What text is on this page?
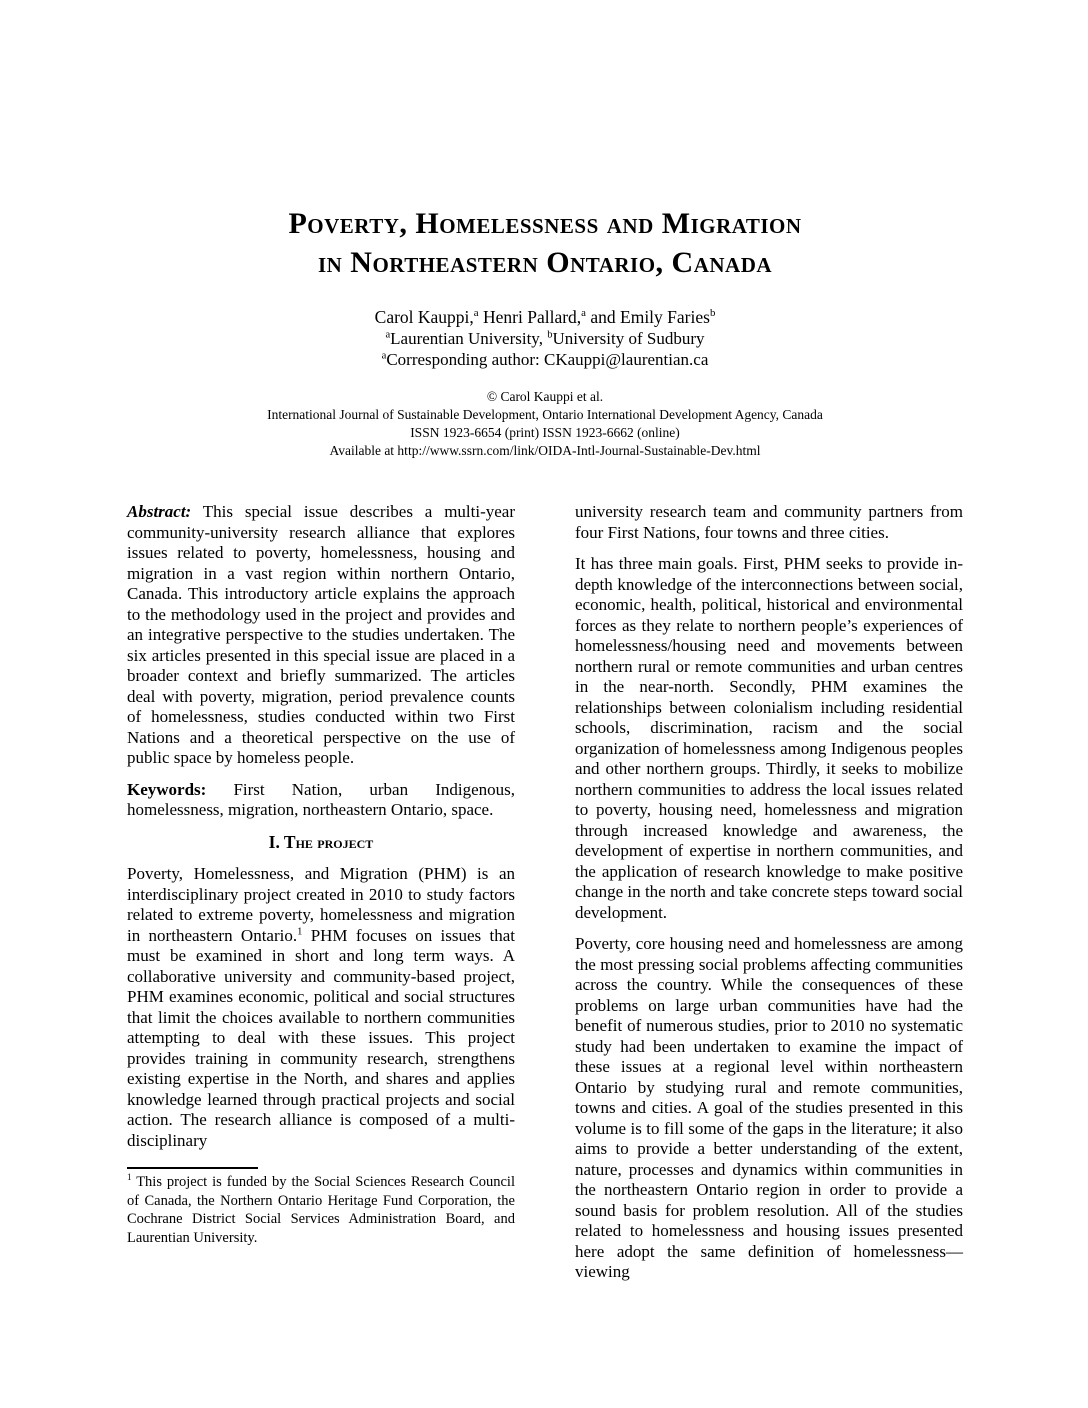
Poverty, Homelessness and Migration
in Northeastern Ontario, Canada
Carol Kauppi,$^a$ Henri Pallard,$^a$ and Emily Faries$^b$
$^a$Laurentian University, $^b$University of Sudbury
$^a$Corresponding author: CKauppi@laurentian.ca
© Carol Kauppi et al.
International Journal of Sustainable Development, Ontario International Development Agency, Canada
ISSN 1923-6654 (print) ISSN 1923-6662 (online)
Available at http://www.ssrn.com/link/OIDA-Intl-Journal-Sustainable-Dev.html

Abstract: This special issue describes a multi-year community-university research alliance that explores issues related to poverty, homelessness, housing and migration in a vast region within northern Ontario, Canada. This introductory article explains the approach to the methodology used in the project and provides and an integrative perspective to the studies undertaken. The six articles presented in this special issue are placed in a broader context and briefly summarized. The articles deal with poverty, migration, period prevalence counts of homelessness, studies conducted within two First Nations and a theoretical perspective on the use of public space by homeless people.

Keywords: First Nation, urban Indigenous, homelessness, migration, northeastern Ontario, space.

I. The project

Poverty, Homelessness, and Migration (PHM) is an interdisciplinary project created in 2010 to study factors related to extreme poverty, homelessness and migration in northeastern Ontario.$^1$ PHM focuses on issues that must be examined in short and long term ways. A collaborative university and community-based project, PHM examines economic, political and social structures that limit the choices available to northern communities attempting to deal with these issues. This project provides training in community research, strengthens existing expertise in the North, and shares and applies knowledge learned through practical projects and social action. The research alliance is composed of a multi-disciplinary

$^1$ This project is funded by the Social Sciences Research Council of Canada, the Northern Ontario Heritage Fund Corporation, the Cochrane District Social Services Administration Board, and Laurentian University.

university research team and community partners from four First Nations, four towns and three cities.

It has three main goals. First, PHM seeks to provide in-depth knowledge of the interconnections between social, economic, health, political, historical and environmental forces as they relate to northern people’s experiences of homelessness/housing need and movements between northern rural or remote communities and urban centres in the near-north. Secondly, PHM examines the relationships between colonialism including residential schools, discrimination, racism and the social organization of homelessness among Indigenous peoples and other northern groups. Thirdly, it seeks to mobilize northern communities to address the local issues related to poverty, housing need, homelessness and migration through increased knowledge and awareness, the development of expertise in northern communities, and the application of research knowledge to make positive change in the north and take concrete steps toward social development.

Poverty, core housing need and homelessness are among the most pressing social problems affecting communities across the country. While the consequences of these problems on large urban communities have had the benefit of numerous studies, prior to 2010 no systematic study had been undertaken to examine the impact of these issues at a regional level within northeastern Ontario by studying rural and remote communities, towns and cities. A goal of the studies presented in this volume is to fill some of the gaps in the literature; it also aims to provide a better understanding of the extent, nature, processes and dynamics within communities in the northeastern Ontario region in order to provide a sound basis for problem resolution. All of the studies related to homelessness and housing issues presented here adopt the same definition of homelessness—viewing
